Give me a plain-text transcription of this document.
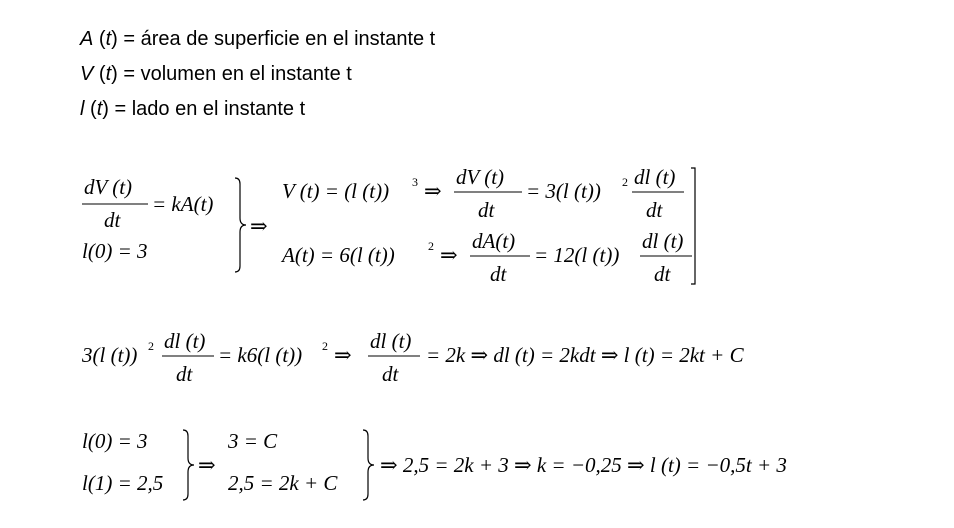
A (t) = área de superficie en el instante t
V (t) = volumen en el instante t
l (t) = lado en el instante t
dV (t)
dt
= kA(t)
l(0) = 3
⇒
V (t) = (l (t)) 3 ⇒
dV (t)
dt
= 3(l (t)) 2 dl (t)
dt
A(t) = 6(l (t))	2 ⇒
dA(t)
dt
= 12(l (t))
dl (t)
dt
3(l (t)) 2 dl (t)
dt
= k6(l (t)) 2 ⇒
dl (t)
dt
= 2k ⇒ dl (t) = 2kdt ⇒ l (t) = 2kt + C
l(0) = 3
l(1) = 2,5
⇒
3 = C
2,5 = 2k + C
⇒ 2,5 = 2k + 3 ⇒ k = −0,25 ⇒ l (t) = −0,5t + 3
